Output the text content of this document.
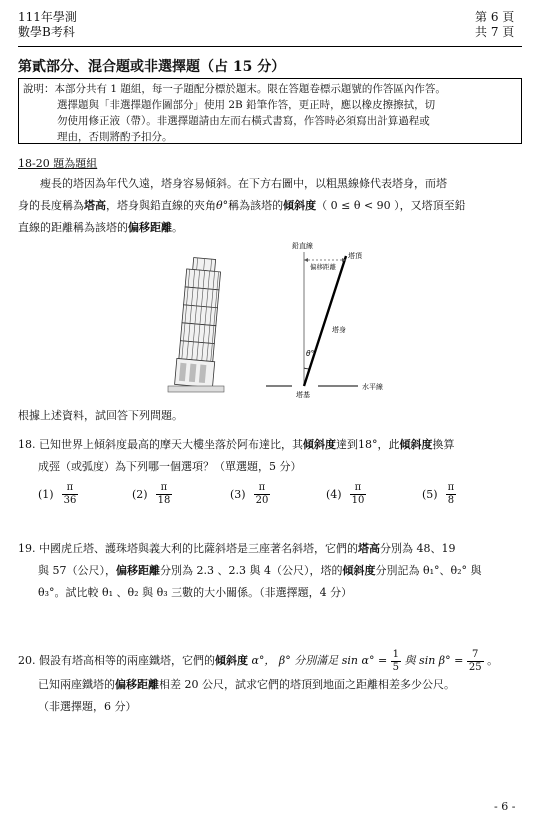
111年學測
數學B考科
第 6 頁
共 7 頁
第貳部分、混合題或非選擇題（占 15 分）
說明：本部分共有 1 題組，每一子題配分標於題末。限在答題卷標示題號的作答區內作答。
選擇題與「非選擇題作圖部分」使用 2B 鉛筆作答，更正時，應以橡皮擦擦拭，切
勿使用修正液（帶）。非選擇題請由左而右橫式書寫，作答時必須寫出計算過程或
理由，否則將酌予扣分。
18-20 題為題組
瘦長的塔因為年代久遠，塔身容易傾斜。在下方右圖中，以粗黑線條代表塔身，而塔
身的長度稱為塔高，塔身與鉛直線的夾角θ°稱為該塔的傾斜度（ 0 ≤ θ < 90 ），又塔頂至鉛
直線的距離稱為該塔的偏移距離。
鉛直線
塔頂
偏移距離
塔身
θ°
塔基
水平線
根據上述資料，試回答下列問題。
18. 已知世界上傾斜度最高的摩天大樓坐落於阿布達比，其傾斜度達到18°，此傾斜度換算
成弳（或弧度）為下列哪一個選項？（單選題，5 分）
$(1) \frac{\pi}{36}$	$(2) \frac{\pi}{18}$	$(3) \frac{\pi}{20}$	$(4) \frac{\pi}{10}$	$(5) \frac{\pi}{8}$
19. 中國虎丘塔、護珠塔與義大利的比薩斜塔是三座著名斜塔，它們的塔高分別為 48、19
與 57（公尺），偏移距離分別為 2.3 、2.3 與 4（公尺），塔的傾斜度分別記為 θ₁°、θ₂° 與
θ₃°。試比較 θ₁ 、θ₂ 與 θ₃ 三數的大小關係。（非選擇題，4 分）
20. 假設有塔高相等的兩座鐵塔，它們的傾斜度 α°， β° 分別滿足 $\sin \alpha^\circ = \frac{1}{5}$ 與 $\sin \beta^\circ = \frac{7}{25}$ 。
已知兩座鐵塔的偏移距離相差 20 公尺，試求它們的塔頂到地面之距離相差多少公尺。
（非選擇題，6 分）
- 6 -
